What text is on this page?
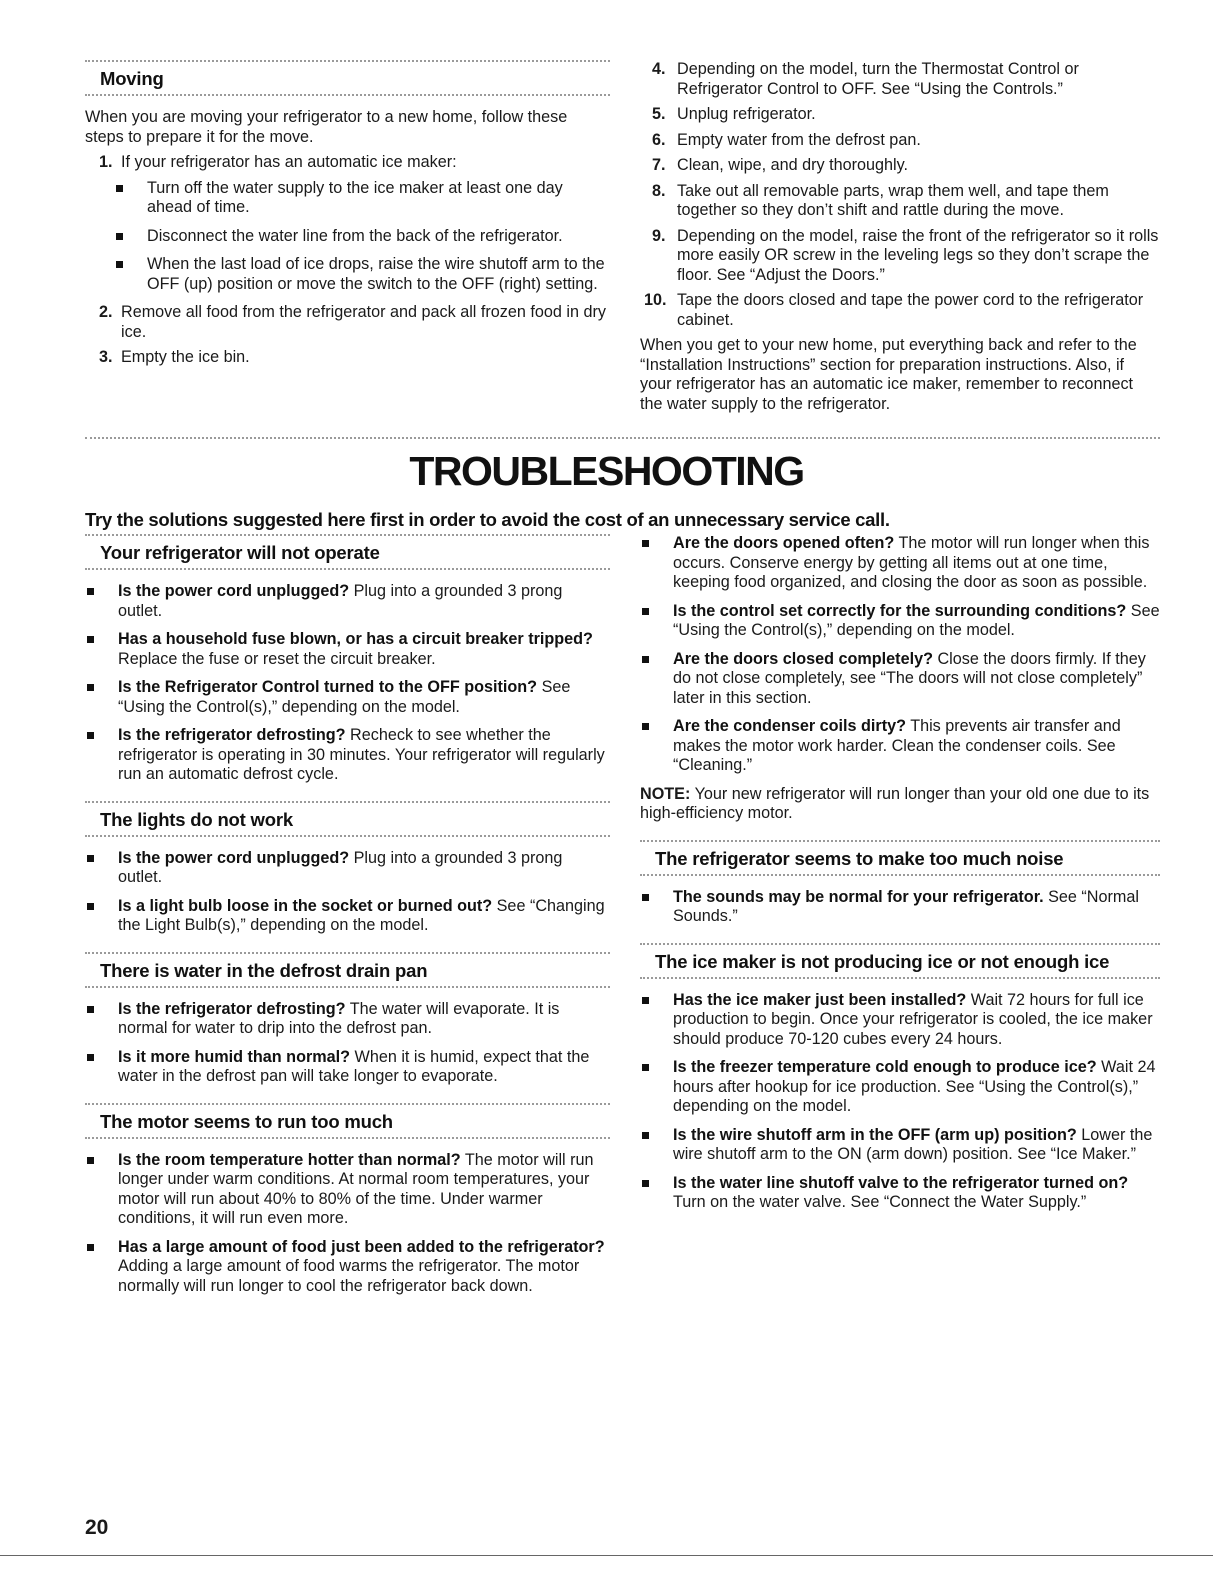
Moving

When you are moving your refrigerator to a new home, follow these steps to prepare it for the move.

1. If your refrigerator has an automatic ice maker:
Turn off the water supply to the ice maker at least one day ahead of time.
Disconnect the water line from the back of the refrigerator.
When the last load of ice drops, raise the wire shutoff arm to the OFF (up) position or move the switch to the OFF (right) setting.
2. Remove all food from the refrigerator and pack all frozen food in dry ice.
3. Empty the ice bin.
4. Depending on the model, turn the Thermostat Control or Refrigerator Control to OFF. See “Using the Controls.”
5. Unplug refrigerator.
6. Empty water from the defrost pan.
7. Clean, wipe, and dry thoroughly.
8. Take out all removable parts, wrap them well, and tape them together so they don’t shift and rattle during the move.
9. Depending on the model, raise the front of the refrigerator so it rolls more easily OR screw in the leveling legs so they don’t scrape the floor. See “Adjust the Doors.”
10. Tape the doors closed and tape the power cord to the refrigerator cabinet.

When you get to your new home, put everything back and refer to the “Installation Instructions” section for preparation instructions. Also, if your refrigerator has an automatic ice maker, remember to reconnect the water supply to the refrigerator.

TROUBLESHOOTING

Try the solutions suggested here first in order to avoid the cost of an unnecessary service call.

Your refrigerator will not operate
Is the power cord unplugged? Plug into a grounded 3 prong outlet.
Has a household fuse blown, or has a circuit breaker tripped? Replace the fuse or reset the circuit breaker.
Is the Refrigerator Control turned to the OFF position? See “Using the Control(s),” depending on the model.
Is the refrigerator defrosting? Recheck to see whether the refrigerator is operating in 30 minutes. Your refrigerator will regularly run an automatic defrost cycle.
The lights do not work
Is the power cord unplugged? Plug into a grounded 3 prong outlet.
Is a light bulb loose in the socket or burned out? See “Changing the Light Bulb(s),” depending on the model.
There is water in the defrost drain pan
Is the refrigerator defrosting? The water will evaporate. It is normal for water to drip into the defrost pan.
Is it more humid than normal? When it is humid, expect that the water in the defrost pan will take longer to evaporate.
The motor seems to run too much
Is the room temperature hotter than normal? The motor will run longer under warm conditions. At normal room temperatures, your motor will run about 40% to 80% of the time. Under warmer conditions, it will run even more.
Has a large amount of food just been added to the refrigerator? Adding a large amount of food warms the refrigerator. The motor normally will run longer to cool the refrigerator back down.
Are the doors opened often? The motor will run longer when this occurs. Conserve energy by getting all items out at one time, keeping food organized, and closing the door as soon as possible.
Is the control set correctly for the surrounding conditions? See “Using the Control(s),” depending on the model.
Are the doors closed completely? Close the doors firmly. If they do not close completely, see “The doors will not close completely” later in this section.
Are the condenser coils dirty? This prevents air transfer and makes the motor work harder. Clean the condenser coils. See “Cleaning.”

NOTE: Your new refrigerator will run longer than your old one due to its high-efficiency motor.

The refrigerator seems to make too much noise
The sounds may be normal for your refrigerator. See “Normal Sounds.”
The ice maker is not producing ice or not enough ice
Has the ice maker just been installed? Wait 72 hours for full ice production to begin. Once your refrigerator is cooled, the ice maker should produce 70-120 cubes every 24 hours.
Is the freezer temperature cold enough to produce ice? Wait 24 hours after hookup for ice production. See “Using the Control(s),” depending on the model.
Is the wire shutoff arm in the OFF (arm up) position? Lower the wire shutoff arm to the ON (arm down) position. See “Ice Maker.”
Is the water line shutoff valve to the refrigerator turned on? Turn on the water valve. See “Connect the Water Supply.”

20
